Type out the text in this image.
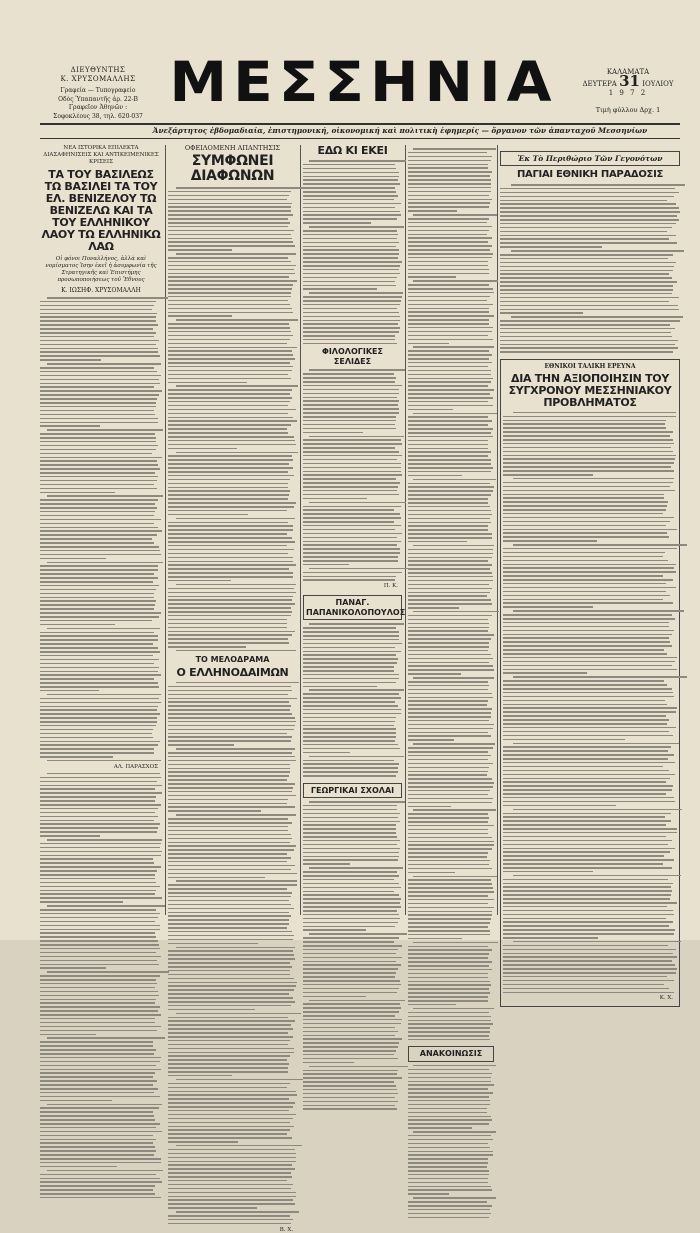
ΔΙΕΥΘΥΝΤΗΣ
Κ. ΧΡΥΣΟΜΑΛΛΗΣ
Γραφεία — Τυπογραφείο
Οδὸς Ὑπαπαντῆς ἀρ. 22-Β
Γραφεῖον Ἀθηνῶν :
Σοφοκλέους 38, τηλ. 620-037
ΜΕΣΣΗΝΙΑ	ΚΑΛΑΜΑΤΑ
ΔΕΥΤΕΡΑ 31 ΙΟΥΛΙΟΥ
1 9 7 2
Τιμὴ φύλλου Δρχ. 1
Ἀνεξάρτητος ἑβδομαδιαία, ἐπιστημονική, οἰκονομική καὶ πολιτικὴ ἐφημερίς — ὄργανον τῶν ἀπανταχοῦ Μεσσηνίων
ΝΕΑ ΙΣΤΟΡΙΚΑ ΕΠΙΛΕΚΤΑ ΔΙΑΣΑΦΗΝΙΣΕΙΣ ΚΑΙ ΑΝΤΙΚΕΙΜΕΝΙΚΕΣ ΚΡΙΣΕΙΣ
ΤΑ ΤΟΥ ΒΑΣΙΛΕΩΣ ΤΩ ΒΑΣΙΛΕΙ ΤΑ ΤΟΥ ΕΛ. ΒΕΝΙΖΕΛΟΥ ΤΩ ΒΕΝΙΖΕΛΩ ΚΑΙ ΤΑ ΤΟΥ ΕΛΛΗΝΙΚΟΥ ΛΑΟΥ ΤΩ ΕΛΛΗΝΙΚΩ ΛΑΩ
Οἱ φόνοι Ποναλλήνος, ἀλλὰ καὶ νομίσματος Ἰσην ἐκεῖ ἡ ἀσυμφωνία τῆς Στρατηγικῆς καὶ Ἐπιστήμης προσωποποιήσεως τοῦ Ἔθνους
Κ. ΙΩΣΗΦ. ΧΡΥΣΟΜΑΛΛΗ
ΑΛ. ΠΑΡΑΣΧΟΣ
ΟΦΕΙΛΟΜΕΝΗ ΑΠΑΝΤΗΣΙΣ
ΣΥΜΦΩΝΕΙ ΔΙΑΦΩΝΩΝ
ΤΟ ΜΕΛΟΔΡΑΜΑ
Ο ΕΛΛΗΝΟΔΑΙΜΩΝ
Β. Χ.
ΕΔΩ ΚΙ ΕΚΕΙ
ΦΙΛΟΛΟΓΙΚΕΣ ΣΕΛΙΔΕΣ
Π. Κ.
ΠΑΝΑΓ. ΠΑΠΑΝΙΚΟΛΟΠΟΥΛΟΣ
ΓΕΩΡΓΙΚΑΙ ΣΧΟΛΑΙ
ΑΝΑΚΟΙΝΩΣΙΣ
Ἐκ Τὸ Περιθώριο Τῶν Γεγονότων
ΠΑΓΙΑΙ ΕΘΝΙΚΗ ΠΑΡΑΔΟΣΙΣ
ΕΘΝΙΚΟΙ ΤΑΛΙΚΗ ΕΡΕΥΝΑ
ΔΙΑ ΤΗΝ ΑΞΙΟΠΟΙΗΣΙΝ ΤΟΥ ΣΥΓΧΡΟΝΟΥ ΜΕΣΣΗΝΙΑΚΟΥ ΠΡΟΒΛΗΜΑΤΟΣ
Κ. Χ.
